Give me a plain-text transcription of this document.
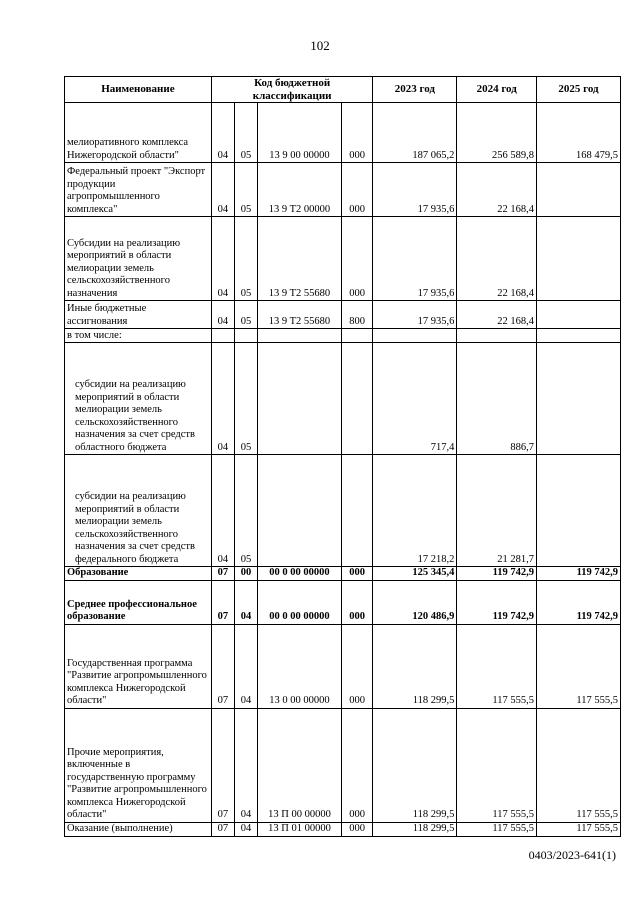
102
Наименование	Код бюджетной классификации				2023 год	2024 год	2025 год
мелиоративного комплекса Нижегородской области"	04	05	13 9 00 00000	000	187 065,2	256 589,8	168 479,5
Федеральный проект "Экспорт продукции агропромышленного комплекса"	04	05	13 9 T2 00000	000	17 935,6	22 168,4	
Субсидии на реализацию мероприятий в области мелиорации земель сельскохозяйственного назначения	04	05	13 9 T2 55680	000	17 935,6	22 168,4	
Иные бюджетные ассигнования	04	05	13 9 T2 55680	800	17 935,6	22 168,4	
в том числе:							

субсидии на реализацию мероприятий в области мелиорации земель сельскохозяйственного назначения за счет средств областного бюджета	04	05			717,4	886,7	

субсидии на реализацию мероприятий в области мелиорации земель сельскохозяйственного назначения за счет средств федерального бюджета	04	05			17 218,2	21 281,7	
Образование	07	00	00 0 00 00000	000	125 345,4	119 742,9	119 742,9
Среднее профессиональное образование	07	04	00 0 00 00000	000	120 486,9	119 742,9	119 742,9
Государственная программа "Развитие агропромышленного комплекса Нижегородской области"	07	04	13 0 00 00000	000	118 299,5	117 555,5	117 555,5
Прочие мероприятия, включенные в государственную программу "Развитие агропромышленного комплекса Нижегородской области"	07	04	13 П 00 00000	000	118 299,5	117 555,5	117 555,5
Оказание (выполнение)	07	04	13 П 01 00000	000	118 299,5	117 555,5	117 555,5
0403/2023-641(1)
